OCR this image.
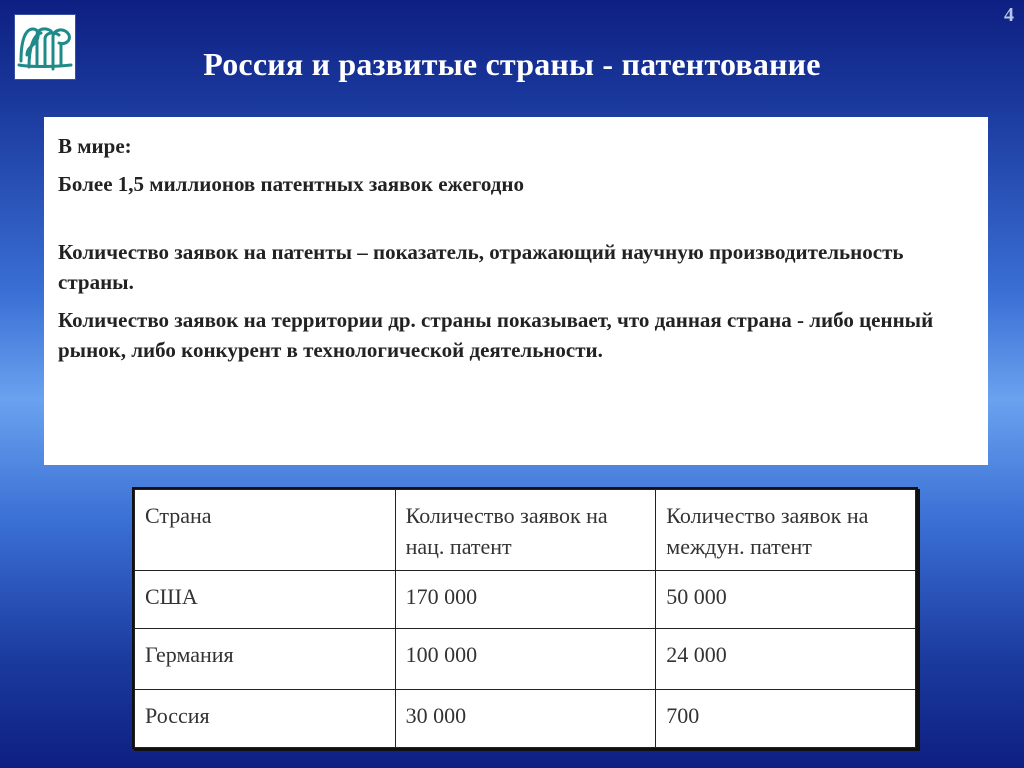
4
Россия и развитые страны - патентование

В мире:

Более 1,5 миллионов патентных заявок ежегодно

Количество заявок на патенты – показатель, отражающий научную производительность страны.

Количество заявок на территории др. страны показывает, что данная страна - либо ценный рынок, либо конкурент в технологической деятельности.

Страна	Количество заявок на нац. патент	Количество заявок на междун. патент
США	170 000	50 000
Германия	100 000	24 000
Россия	30 000	700
